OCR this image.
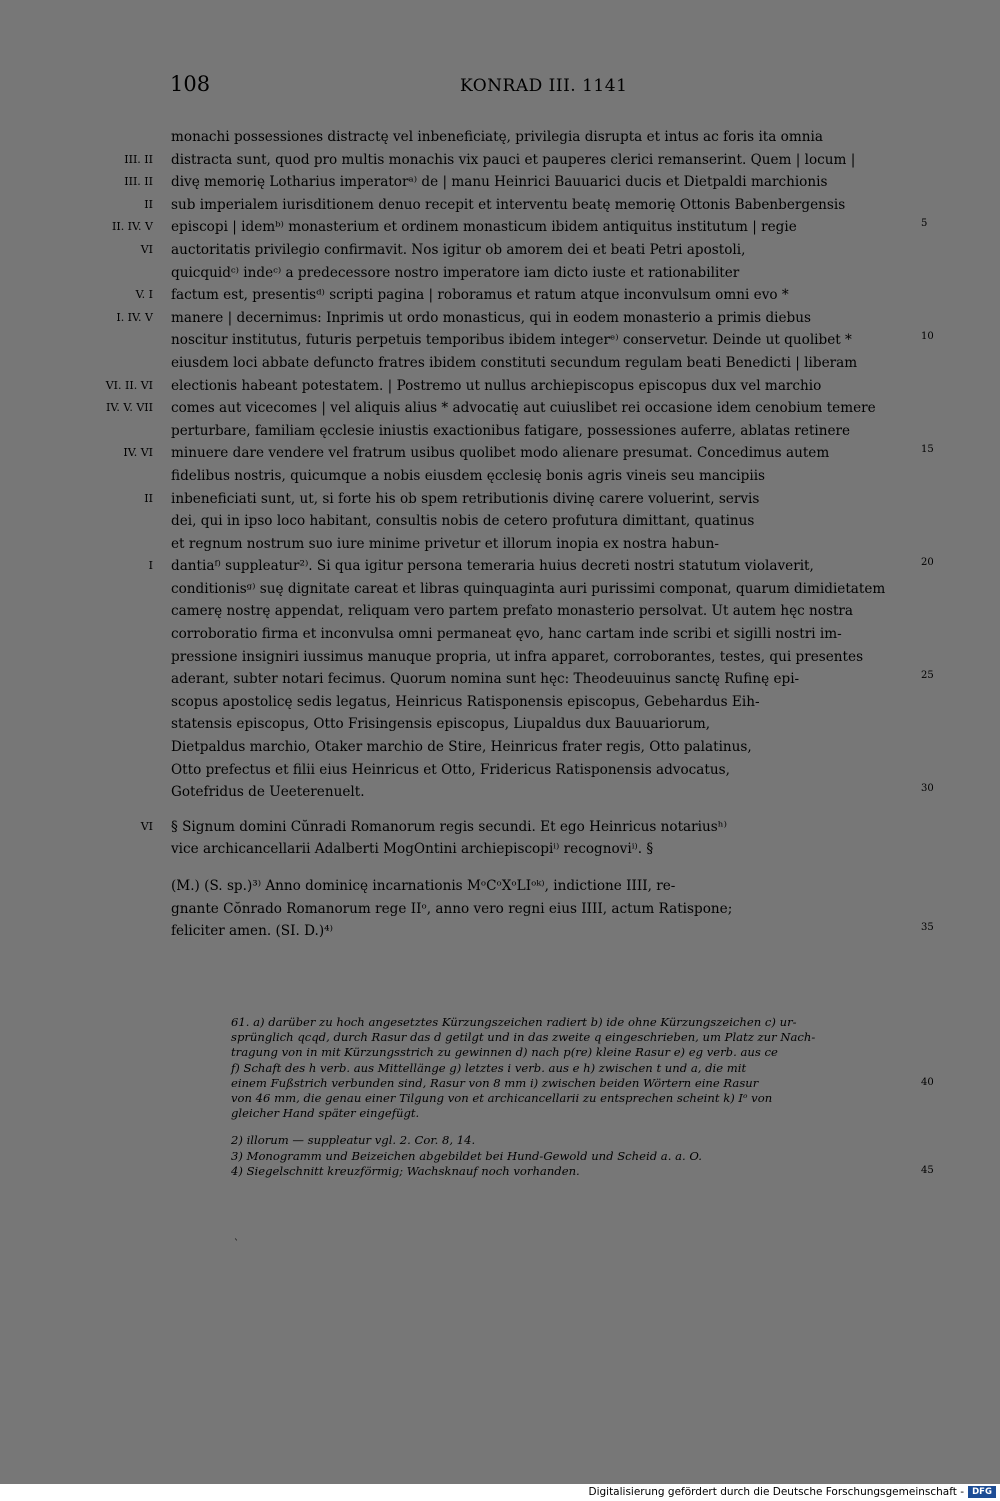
108	KONRAD III. 1141
monachi possessiones distractę vel inbeneficiatę, privilegia disrupta et intus ac foris ita omnia
III. II distracta sunt, quod pro multis monachis vix pauci et pauperes clerici remanserint. Quem | locum |
III. II divę memorię Lotharius imperatorᵃ⁾ de | manu Heinrici Bauuarici ducis et Dietpaldi marchionis
II sub imperialem iurisditionem denuo recepit et interventu beatę memorię Ottonis Babenbergensis
II. IV. V episcopi | idemᵇ⁾ monasterium et ordinem monasticum ibidem antiquitus institutum | regie	5
VI auctoritatis privilegio confirmavit. Nos igitur ob amorem dei et beati Petri apostoli,
quicquidᶜ⁾ indeᶜ⁾ a predecessore nostro imperatore iam dicto iuste et rationabiliter
V. I factum est, presentisᵈ⁾ scripti pagina | roboramus et ratum atque inconvulsum omni evo *
I. IV. V manere | decernimus: Inprimis ut ordo monasticus, qui in eodem monasterio a primis diebus
noscitur institutus, futuris perpetuis temporibus ibidem integerᵉ⁾ conservetur. Deinde ut quolibet *	10
eiusdem loci abbate defuncto fratres ibidem constituti secundum regulam beati Benedicti | liberam
VI. II. VI electionis habeant potestatem. | Postremo ut nullus archiepiscopus episcopus dux vel marchio
IV. V. VII comes aut vicecomes | vel aliquis alius * advocatię aut cuiuslibet rei occasione idem cenobium temere
perturbare, familiam ęcclesie iniustis exactionibus fatigare, possessiones auferre, ablatas retinere
IV. VI minuere dare vendere vel fratrum usibus quolibet modo alienare presumat. Concedimus autem	15
fidelibus nostris, quicumque a nobis eiusdem ęcclesię bonis agris vineis seu mancipiis
II inbeneficiati sunt, ut, si forte his ob spem retributionis divinę carere voluerint, servis
dei, qui in ipso loco habitant, consultis nobis de cetero profutura dimittant, quatinus
et regnum nostrum suo iure minime privetur et illorum inopia ex nostra habun-
I dantiaᶠ⁾ suppleatur²⁾. Si qua igitur persona temeraria huius decreti nostri statutum violaverit,	20
conditionisᵍ⁾ suę dignitate careat et libras quinquaginta auri purissimi componat, quarum dimidietatem
camerę nostrę appendat, reliquam vero partem prefato monasterio persolvat. Ut autem hęc nostra
corroboratio firma et inconvulsa omni permaneat ęvo, hanc cartam inde scribi et sigilli nostri im-
pressione insigniri iussimus manuque propria, ut infra apparet, corroborantes, testes, qui presentes
aderant, subter notari fecimus. Quorum nomina sunt hęc: Theodeuuinus sanctę Rufinę epi-	25
scopus apostolicę sedis legatus, Heinricus Ratisponensis episcopus, Gebehardus Eih-
statensis episcopus, Otto Frisingensis episcopus, Liupaldus dux Bauuariorum,
Dietpaldus marchio, Otaker marchio de Stire, Heinricus frater regis, Otto palatinus,
Otto prefectus et filii eius Heinricus et Otto, Fridericus Ratisponensis advocatus,
Gotefridus de Ueeterenuelt.	30
VI § Signum domini Cŭnradi Romanorum regis secundi. Et ego Heinricus notariusʰ⁾
vice archicancellarii Adalberti MogOntini archiepiscopiⁱ⁾ recognoviⁱ⁾. §
(M.) (S. sp.)³⁾ Anno dominicę incarnationis MᵒCᵒXᵒLIᵒᵏ⁾, indictione IIII, re-
gnante Cŏnrado Romanorum rege IIᵒ, anno vero regni eius IIII, actum Ratispone;
feliciter amen. (SI. D.)⁴⁾	35
61. a) darüber zu hoch angesetztes Kürzungszeichen radiert b) ide ohne Kürzungszeichen c) ur-
sprünglich qcqd, durch Rasur das d getilgt und in das zweite q eingeschrieben, um Platz zur Nach-
tragung von in mit Kürzungsstrich zu gewinnen d) nach p(re) kleine Rasur e) eg verb. aus ce
f) Schaft des h verb. aus Mittellänge g) letztes i verb. aus e h) zwischen t und a, die mit
einem Fußstrich verbunden sind, Rasur von 8 mm i) zwischen beiden Wörtern eine Rasur	40
von 46 mm, die genau einer Tilgung von et archicancellarii zu entsprechen scheint k) Iᵒ von
gleicher Hand später eingefügt.
2) illorum — suppleatur vgl. 2. Cor. 8, 14.
3) Monogramm und Beizeichen abgebildet bei Hund-Gewold und Scheid a. a. O.
4) Siegelschnitt kreuzförmig; Wachsknauf noch vorhanden.	45
`
Digitalisierung gefördert durch die Deutsche Forschungsgemeinschaft - DFG
